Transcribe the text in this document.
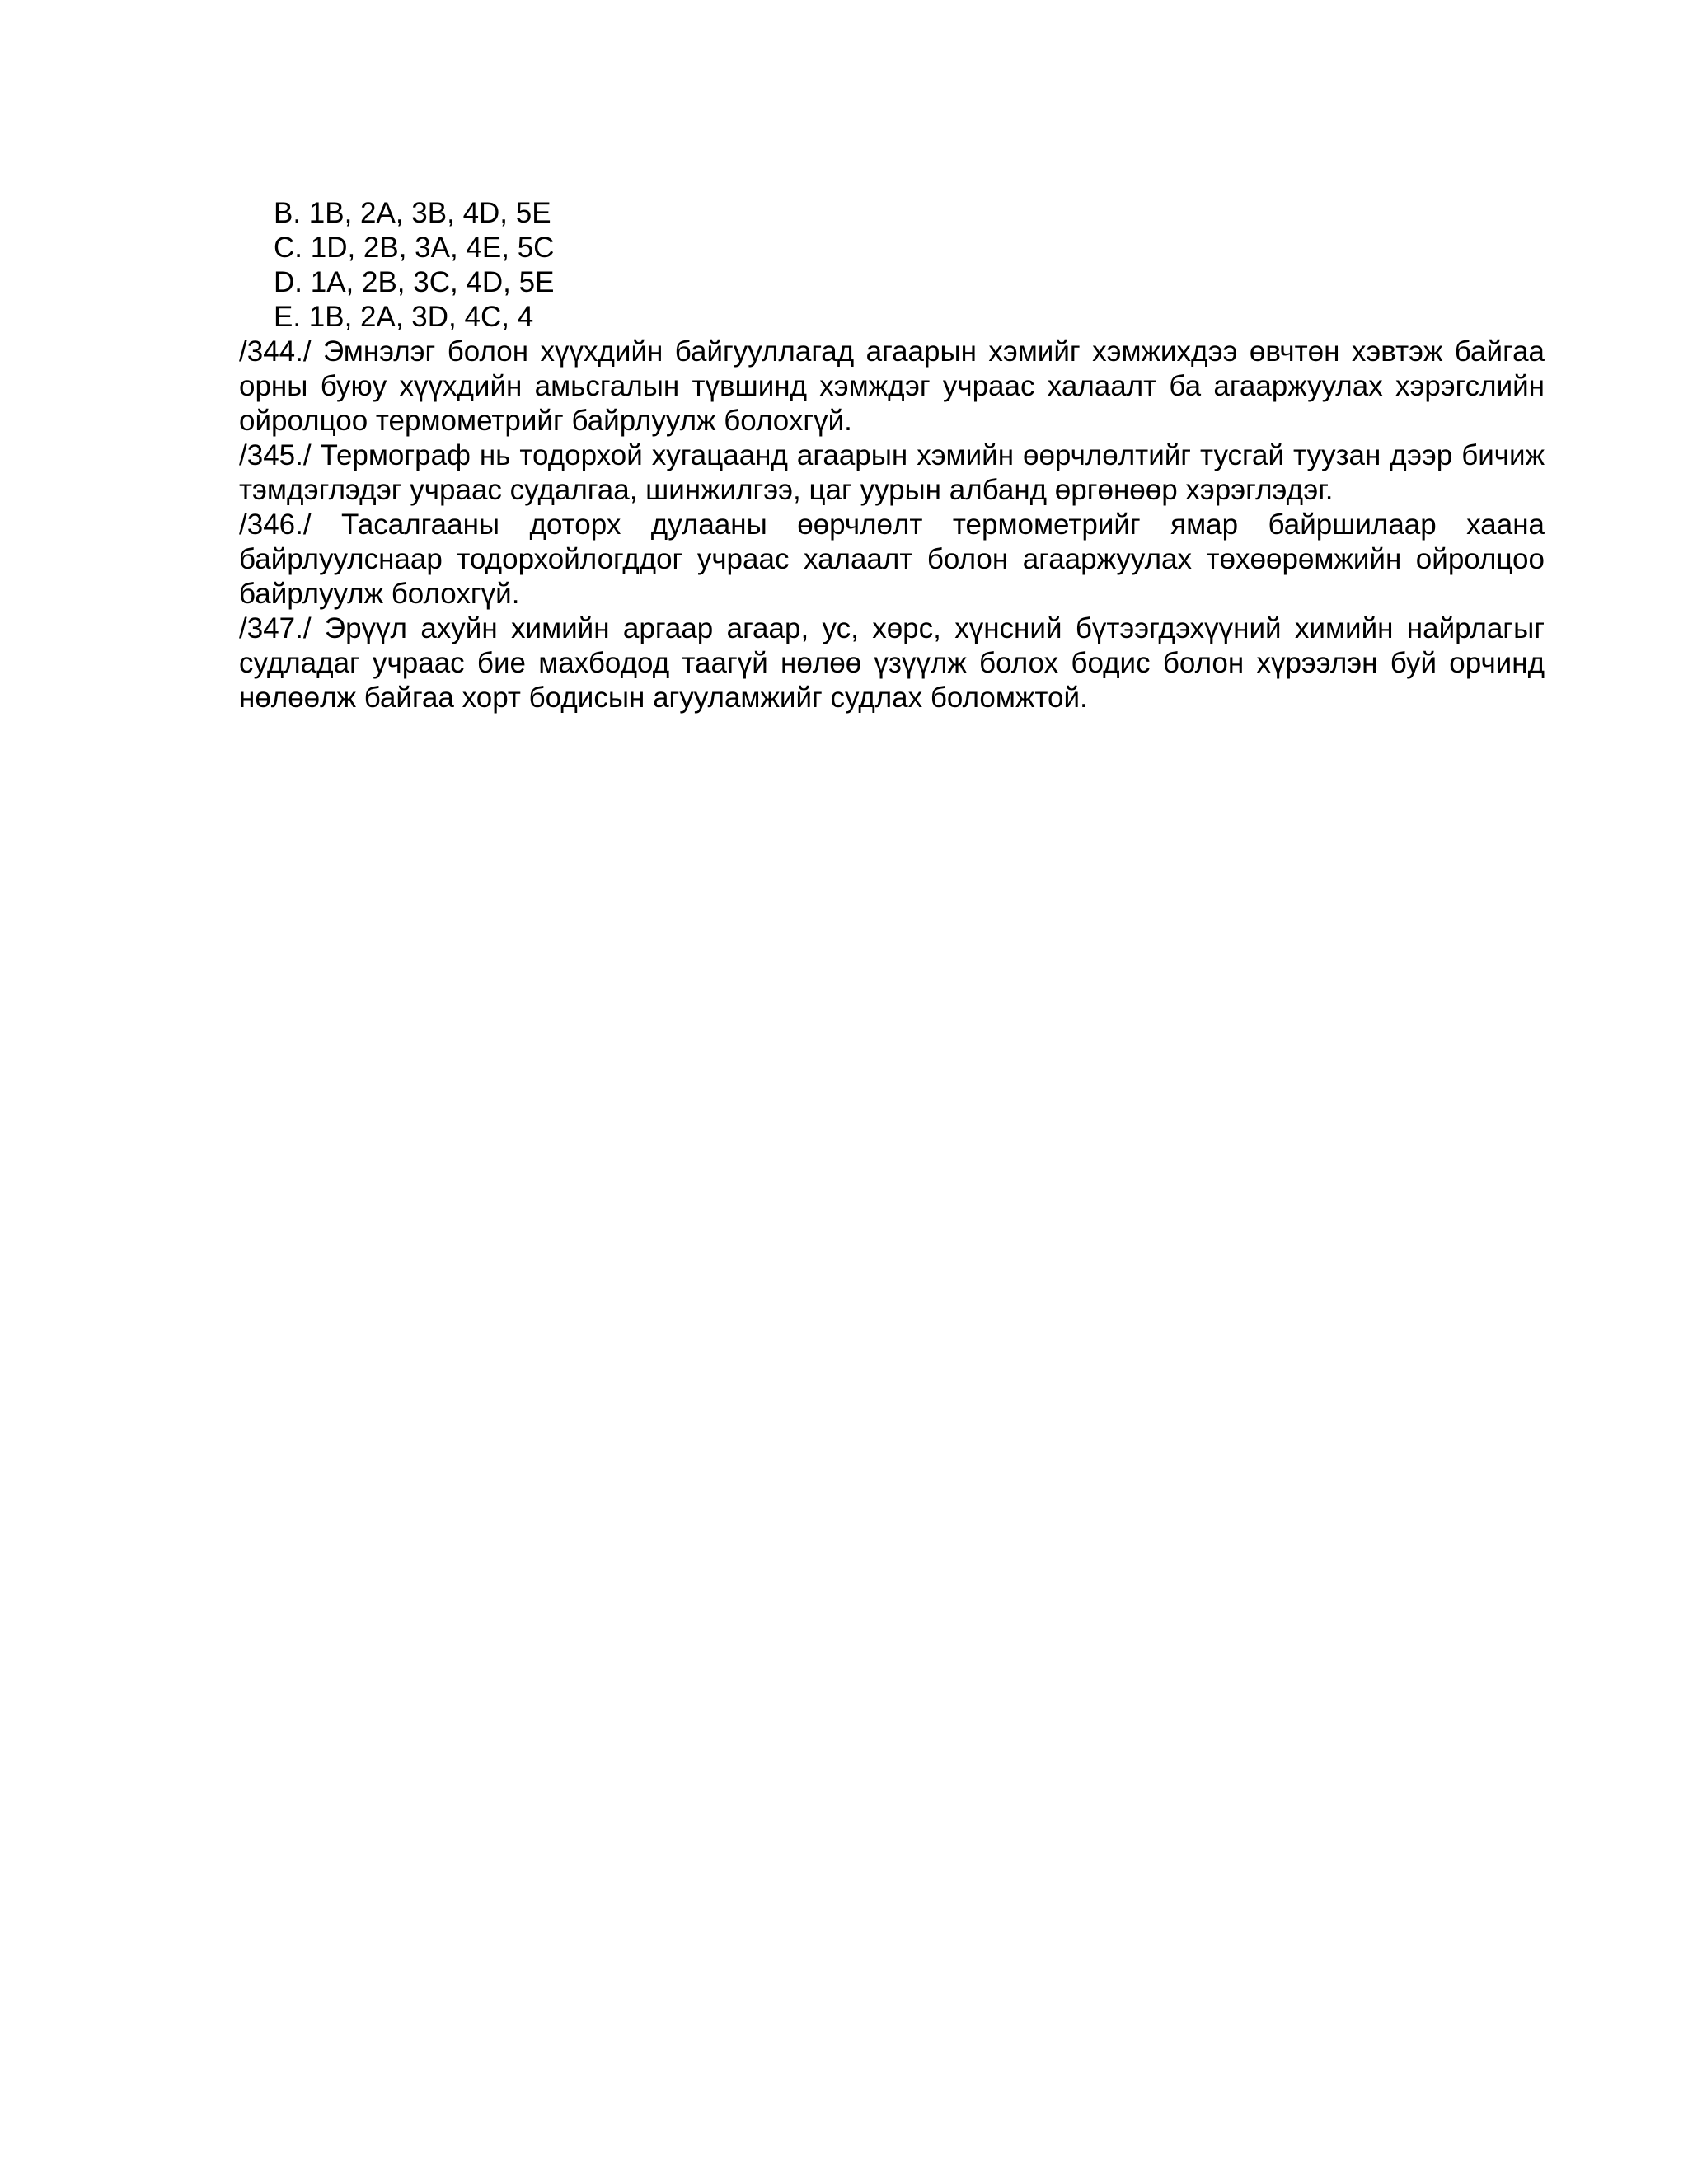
B. 1B, 2A, 3B, 4D, 5E
C. 1D, 2B, 3A, 4E, 5C
D. 1A, 2B, 3C, 4D, 5E
E. 1B, 2A, 3D, 4C, 4

/344./ Эмнэлэг болон хүүхдийн байгууллагад агаарын хэмийг хэмжихдээ өвчтөн хэвтэж байгаа орны буюу хүүхдийн амьсгалын түвшинд хэмждэг учраас халаалт ба агааржуулах хэрэгслийн ойролцоо термометрийг байрлуулж болохгүй.

/345./ Термограф нь тодорхой хугацаанд агаарын хэмийн өөрчлөлтийг тусгай туузан дээр бичиж тэмдэглэдэг учраас судалгаа, шинжилгээ, цаг уурын албанд өргөнөөр хэрэглэдэг.

/346./ Тасалгааны доторх дулааны өөрчлөлт термометрийг ямар байршилаар хаана байрлуулснаар тодорхойлогддог учраас халаалт болон агааржуулах төхөөрөмжийн ойролцоо байрлуулж болохгүй.

/347./ Эрүүл ахуйн химийн аргаар агаар, ус, хөрс, хүнсний бүтээгдэхүүний химийн найрлагыг судладаг учраас бие махбодод таагүй нөлөө үзүүлж болох бодис болон хүрээлэн буй орчинд нөлөөлж байгаа хорт бодисын агууламжийг судлах боломжтой.
